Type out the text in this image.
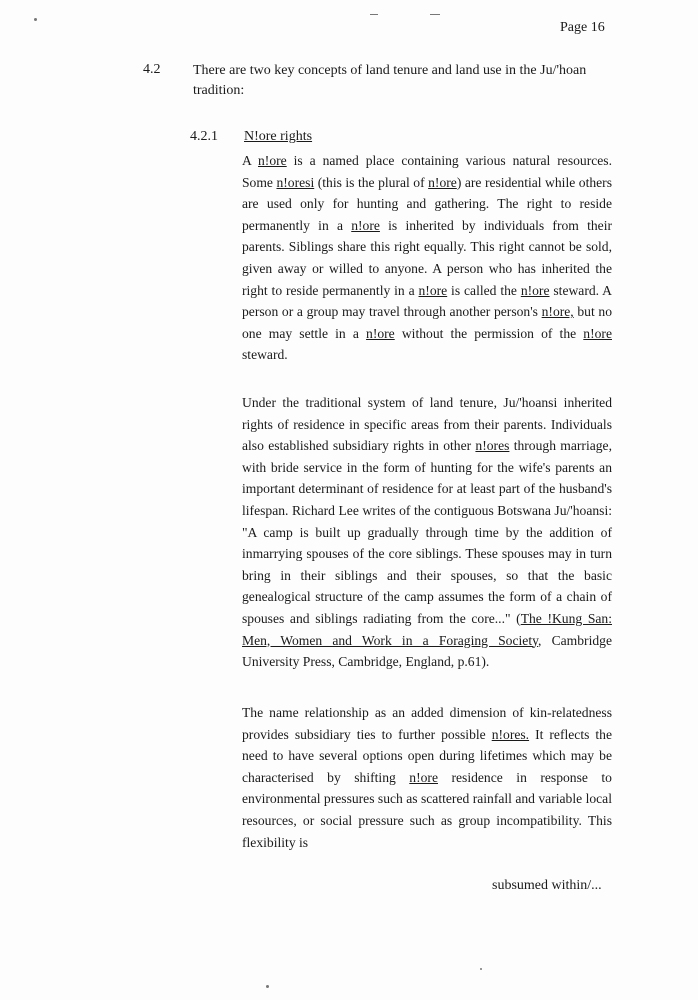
Page 16
4.2 There are two key concepts of land tenure and land use in the Ju/'hoan tradition:
4.2.1 N!ore rights
A n!ore is a named place containing various natural resources. Some n!oresi (this is the plural of n!ore) are residential while others are used only for hunting and gathering. The right to reside permanently in a n!ore is inherited by individuals from their parents. Siblings share this right equally. This right cannot be sold, given away or willed to anyone. A person who has inherited the right to reside permanently in a n!ore is called the n!ore steward. A person or a group may travel through another person's n!ore, but no one may settle in a n!ore without the permission of the n!ore steward.
Under the traditional system of land tenure, Ju/'hoansi inherited rights of residence in specific areas from their parents. Individuals also established subsidiary rights in other n!ores through marriage, with bride service in the form of hunting for the wife's parents an important determinant of residence for at least part of the husband's lifespan. Richard Lee writes of the contiguous Botswana Ju/'hoansi: "A camp is built up gradually through time by the addition of inmarrying spouses of the core siblings. These spouses may in turn bring in their siblings and their spouses, so that the basic genealogical structure of the camp assumes the form of a chain of spouses and siblings radiating from the core..." (The !Kung San: Men, Women and Work in a Foraging Society, Cambridge University Press, Cambridge, England, p.61).
The name relationship as an added dimension of kin-relatedness provides subsidiary ties to further possible n!ores. It reflects the need to have several options open during lifetimes which may be characterised by shifting n!ore residence in response to environmental pressures such as scattered rainfall and variable local resources, or social pressure such as group incompatibility. This flexibility is
subsumed within/...
